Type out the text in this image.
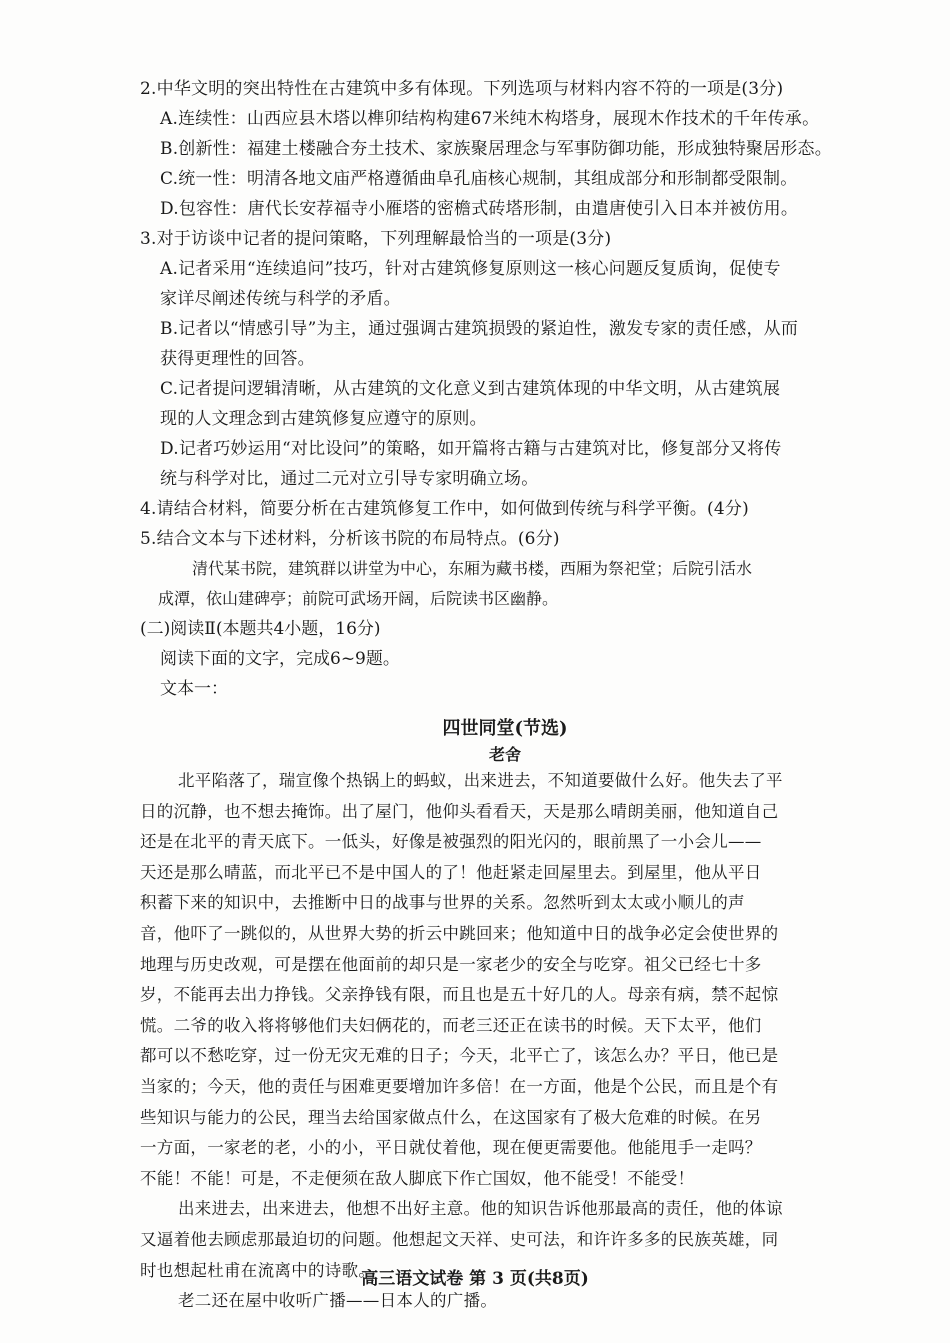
2.中华文明的突出特性在古建筑中多有体现。下列选项与材料内容不符的一项是(3分)
A.连续性：山西应县木塔以榫卯结构构建67米纯木构塔身，展现木作技术的千年传承。
B.创新性：福建土楼融合夯土技术、家族聚居理念与军事防御功能，形成独特聚居形态。
C.统一性：明清各地文庙严格遵循曲阜孔庙核心规制，其组成部分和形制都受限制。
D.包容性：唐代长安荐福寺小雁塔的密檐式砖塔形制，由遣唐使引入日本并被仿用。
3.对于访谈中记者的提问策略，下列理解最恰当的一项是(3分)
A.记者采用“连续追问”技巧，针对古建筑修复原则这一核心问题反复质询，促使专
家详尽阐述传统与科学的矛盾。
B.记者以“情感引导”为主，通过强调古建筑损毁的紧迫性，激发专家的责任感，从而
获得更理性的回答。
C.记者提问逻辑清晰，从古建筑的文化意义到古建筑体现的中华文明，从古建筑展
现的人文理念到古建筑修复应遵守的原则。
D.记者巧妙运用“对比设问”的策略，如开篇将古籍与古建筑对比，修复部分又将传
统与科学对比，通过二元对立引导专家明确立场。
4.请结合材料，简要分析在古建筑修复工作中，如何做到传统与科学平衡。(4分)
5.结合文本与下述材料，分析该书院的布局特点。(6分)
清代某书院，建筑群以讲堂为中心，东厢为藏书楼，西厢为祭祀堂；后院引活水
成潭，依山建碑亭；前院可武场开阔，后院读书区幽静。
(二)阅读Ⅱ(本题共4小题，16分)
阅读下面的文字，完成6~9题。
文本一：
四世同堂(节选)
老舍
北平陷落了，瑞宣像个热锅上的蚂蚁，出来进去，不知道要做什么好。他失去了平
日的沉静，也不想去掩饰。出了屋门，他仰头看看天，天是那么晴朗美丽，他知道自己
还是在北平的青天底下。一低头，好像是被强烈的阳光闪的，眼前黑了一小会儿——
天还是那么晴蓝，而北平已不是中国人的了！他赶紧走回屋里去。到屋里，他从平日
积蓄下来的知识中，去推断中日的战事与世界的关系。忽然听到太太或小顺儿的声
音，他吓了一跳似的，从世界大势的折云中跳回来；他知道中日的战争必定会使世界的
地理与历史改观，可是摆在他面前的却只是一家老少的安全与吃穿。祖父已经七十多
岁，不能再去出力挣钱。父亲挣钱有限，而且也是五十好几的人。母亲有病，禁不起惊
慌。二爷的收入将将够他们夫妇俩花的，而老三还正在读书的时候。天下太平，他们
都可以不愁吃穿，过一份无灾无难的日子；今天，北平亡了，该怎么办？平日，他已是
当家的；今天，他的责任与困难更要增加许多倍！在一方面，他是个公民，而且是个有
些知识与能力的公民，理当去给国家做点什么，在这国家有了极大危难的时候。在另
一方面，一家老的老，小的小，平日就仗着他，现在便更需要他。他能甩手一走吗？
不能！不能！可是，不走便须在敌人脚底下作亡国奴，他不能受！不能受！
出来进去，出来进去，他想不出好主意。他的知识告诉他那最高的责任，他的体谅
又逼着他去顾虑那最迫切的问题。他想起文天祥、史可法，和许许多多的民族英雄，同
时也想起杜甫在流离中的诗歌。
老二还在屋中收听广播——日本人的广播。
高三语文试卷 第 3 页(共8页)
